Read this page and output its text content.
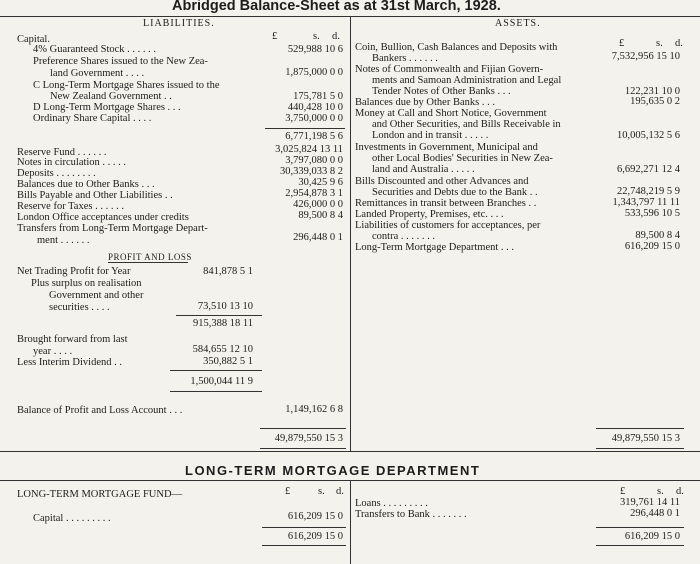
Abridged Balance-Sheet as at 31st March, 1928.
LIABILITIES.
£	s. d.
Capital.
4% Guaranteed Stock . . . . . .	529,988 10 6
Preference Shares issued to the New Zea-
land Government . . . .	1,875,000 0 0
C Long-Term Mortgage Shares issued to the
New Zealand Government . .	175,781 5 0
D Long-Term Mortgage Shares . . .	440,428 10 0
Ordinary Share Capital . . . .	3,750,000 0 0
6,771,198 5 6
Reserve Fund . . . . . .	3,025,824 13 11
Notes in circulation . . . . .	3,797,080 0 0
Deposits . . . . . . . .	30,339,033 8 2
Balances due to Other Banks . . .	30,425 9 6
Bills Payable and Other Liabilities . .	2,954,878 3 1
Reserve for Taxes . . . . . .	426,000 0 0
London Office acceptances under credits	89,500 8 4
Transfers from Long-Term Mortgage Depart-
ment . . . . . .	296,448 0 1
PROFIT AND LOSS
Net Trading Profit for Year	841,878 5 1
Plus surplus on realisation
Government and other
securities . . . .	73,510 13 10
915,388 18 11
Brought forward from last
year . . . .	584,655 12 10
Less Interim Dividend . .	350,882 5 1
1,500,044 11 9
Balance of Profit and Loss Account . . .	1,149,162 6 8
49,879,550 15 3
ASSETS.
£	s. d.
Coin, Bullion, Cash Balances and Deposits with
Bankers . . . . . .	7,532,956 15 10
Notes of Commonwealth and Fijian Govern-
ments and Samoan Administration and Legal
Tender Notes of Other Banks . . .	122,231 10 0
Balances due by Other Banks . . .	195,635 0 2
Money at Call and Short Notice, Government
and Other Securities, and Bills Receivable in
London and in transit . . . . .	10,005,132 5 6
Investments in Government, Municipal and
other Local Bodies' Securities in New Zea-
land and Australia . . . . .	6,692,271 12 4
Bills Discounted and other Advances and
Securities and Debts due to the Bank . .	22,748,219 5 9
Remittances in transit between Branches . .	1,343,797 11 11
Landed Property, Premises, etc. . . .	533,596 10 5
Liabilities of customers for acceptances, per
contra . . . . . . .	89,500 8 4
Long-Term Mortgage Department . . .	616,209 15 0
49,879,550 15 3
LONG-TERM MORTGAGE DEPARTMENT
LONG-TERM MORTGAGE FUND—	£	s. d.
Capital . . . . . . . . .	616,209 15 0
616,209 15 0
£	s. d.
Loans . . . . . . . . .	319,761 14 11
Transfers to Bank . . . . . . .	296,448 0 1
616,209 15 0
